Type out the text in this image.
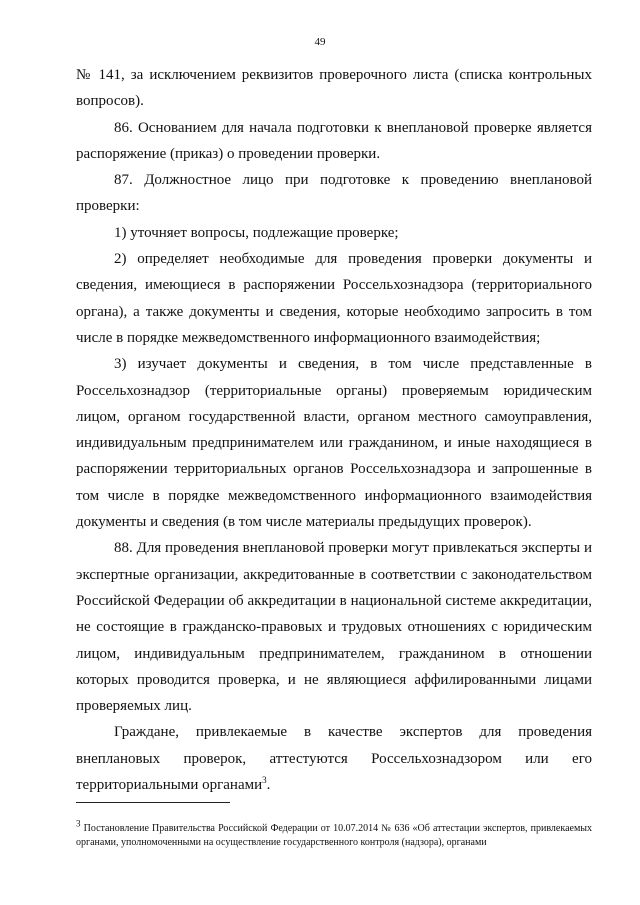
49

№ 141, за исключением реквизитов проверочного листа (списка контрольных вопросов).

86. Основанием для начала подготовки к внеплановой проверке является распоряжение (приказ) о проведении проверки.

87. Должностное лицо при подготовке к проведению внеплановой проверки:

1) уточняет вопросы, подлежащие проверке;

2) определяет необходимые для проведения проверки документы и сведения, имеющиеся в распоряжении Россельхознадзора (территориального органа), а также документы и сведения, которые необходимо запросить в том числе в порядке межведомственного информационного взаимодействия;

3) изучает документы и сведения, в том числе представленные в Россельхознадзор (территориальные органы) проверяемым юридическим лицом, органом государственной власти, органом местного самоуправления, индивидуальным предпринимателем или гражданином, и иные находящиеся в распоряжении территориальных органов Россельхознадзора и запрошенные в том числе в порядке межведомственного информационного взаимодействия документы и сведения (в том числе материалы предыдущих проверок).

88. Для проведения внеплановой проверки могут привлекаться эксперты и экспертные организации, аккредитованные в соответствии с законодательством Российской Федерации об аккредитации в национальной системе аккредитации, не состоящие в гражданско-правовых и трудовых отношениях с юридическим лицом, индивидуальным предпринимателем, гражданином в отношении которых проводится проверка, и не являющиеся аффилированными лицами проверяемых лиц.

Граждане, привлекаемые в качестве экспертов для проведения внеплановых проверок, аттестуются Россельхознадзором или его территориальными органами$^3$.

$^3$ Постановление Правительства Российской Федерации от 10.07.2014 № 636 «Об аттестации экспертов, привлекаемых органами, уполномоченными на осуществление государственного контроля (надзора), органами
